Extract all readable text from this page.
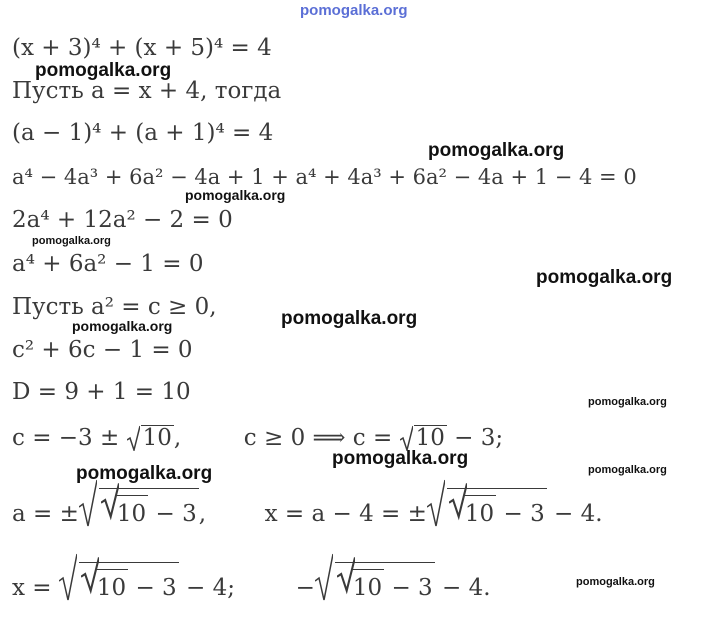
pomogalka.org
pomogalka.org
pomogalka.org
pomogalka.org
pomogalka.org
pomogalka.org
pomogalka.org
pomogalka.org
pomogalka.org
pomogalka.org
pomogalka.org	pomogalka.org
pomogalka.org
(x + 3)⁴ + (x + 5)⁴ = 4
Пусть a = x + 4, тогда
(a − 1)⁴ + (a + 1)⁴ = 4
a⁴ − 4a³ + 6a² − 4a + 1 + a⁴ + 4a³ + 6a² − 4a + 1 − 4 = 0
2a⁴ + 12a² − 2 = 0
a⁴ + 6a² − 1 = 0
Пусть a² = c ≥ 0,
c² + 6c − 1 = 0
D = 9 + 1 = 10
c = −3 ±
10,	c ≥ 0 ⟹ c =
10 − 3;
a = ± 10 − 3,	x = a − 4 = ± 10 − 3 − 4.
x =
10 − 3 − 4;	− 10 − 3 − 4.
